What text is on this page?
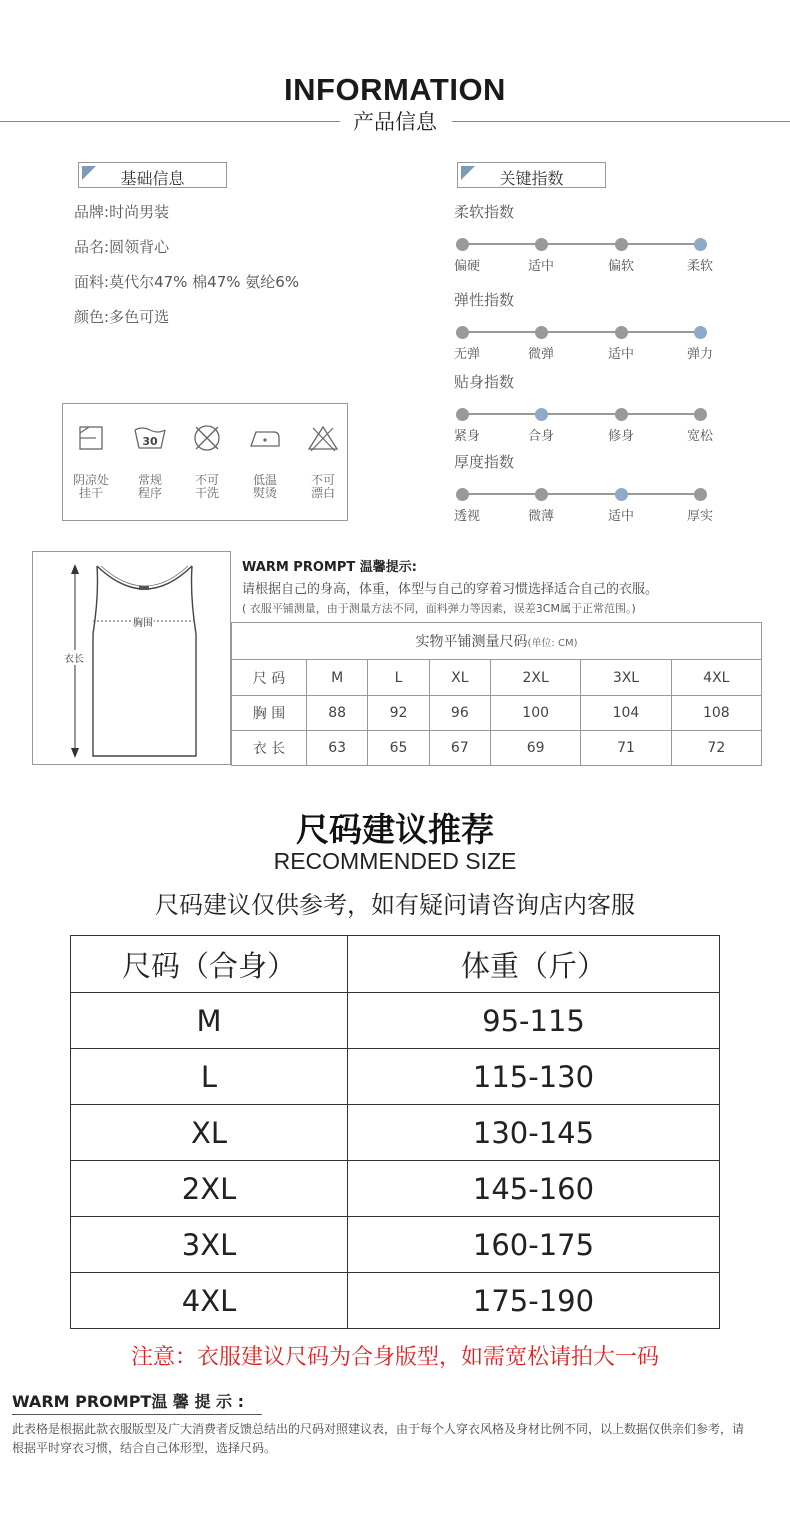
INFORMATION
产品信息
基础信息
品牌:时尚男装
品名:圆领背心
面料:莫代尔47% 棉47% 氨纶6%
颜色:多色可选
阴凉处
挂干
30
常规
程序
不可
干洗
低温
熨烫
不可
漂白
关键指数
柔软指数
偏硬	适中	偏软	柔软
弹性指数
无弹	微弹	适中	弹力
贴身指数
紧身	合身	修身	宽松
厚度指数
透视	微薄	适中	厚实
衣长
胸围
WARM PROMPT 温馨提示:
请根据自己的身高，体重，体型与自己的穿着习惯选择适合自己的衣服。
( 衣服平铺测量，由于测量方法不同，面料弹力等因素，误差3CM属于正常范围。)
实物平铺测量尺码(单位: CM)						
尺 码	M	L	XL	2XL	3XL	4XL
胸 围	88	92	96	100	104	108
衣 长	63	65	67	69	71	72
尺码建议推荐
RECOMMENDED SIZE
尺码建议仅供参考，如有疑问请咨询店内客服
尺码（合身）	体重（斤）
M	95-115
L	115-130
XL	130-145
2XL	145-160
3XL	160-175
4XL	175-190
注意：衣服建议尺码为合身版型，如需宽松请拍大一码
WARM PROMPT温 馨 提 示 :
此表格是根据此款衣服版型及广大消费者反馈总结出的尺码对照建议表，由于每个人穿衣风格及身材比例不同，以上数据仅供亲们参考，请根据平时穿衣习惯，结合自己体形型，选择尺码。
